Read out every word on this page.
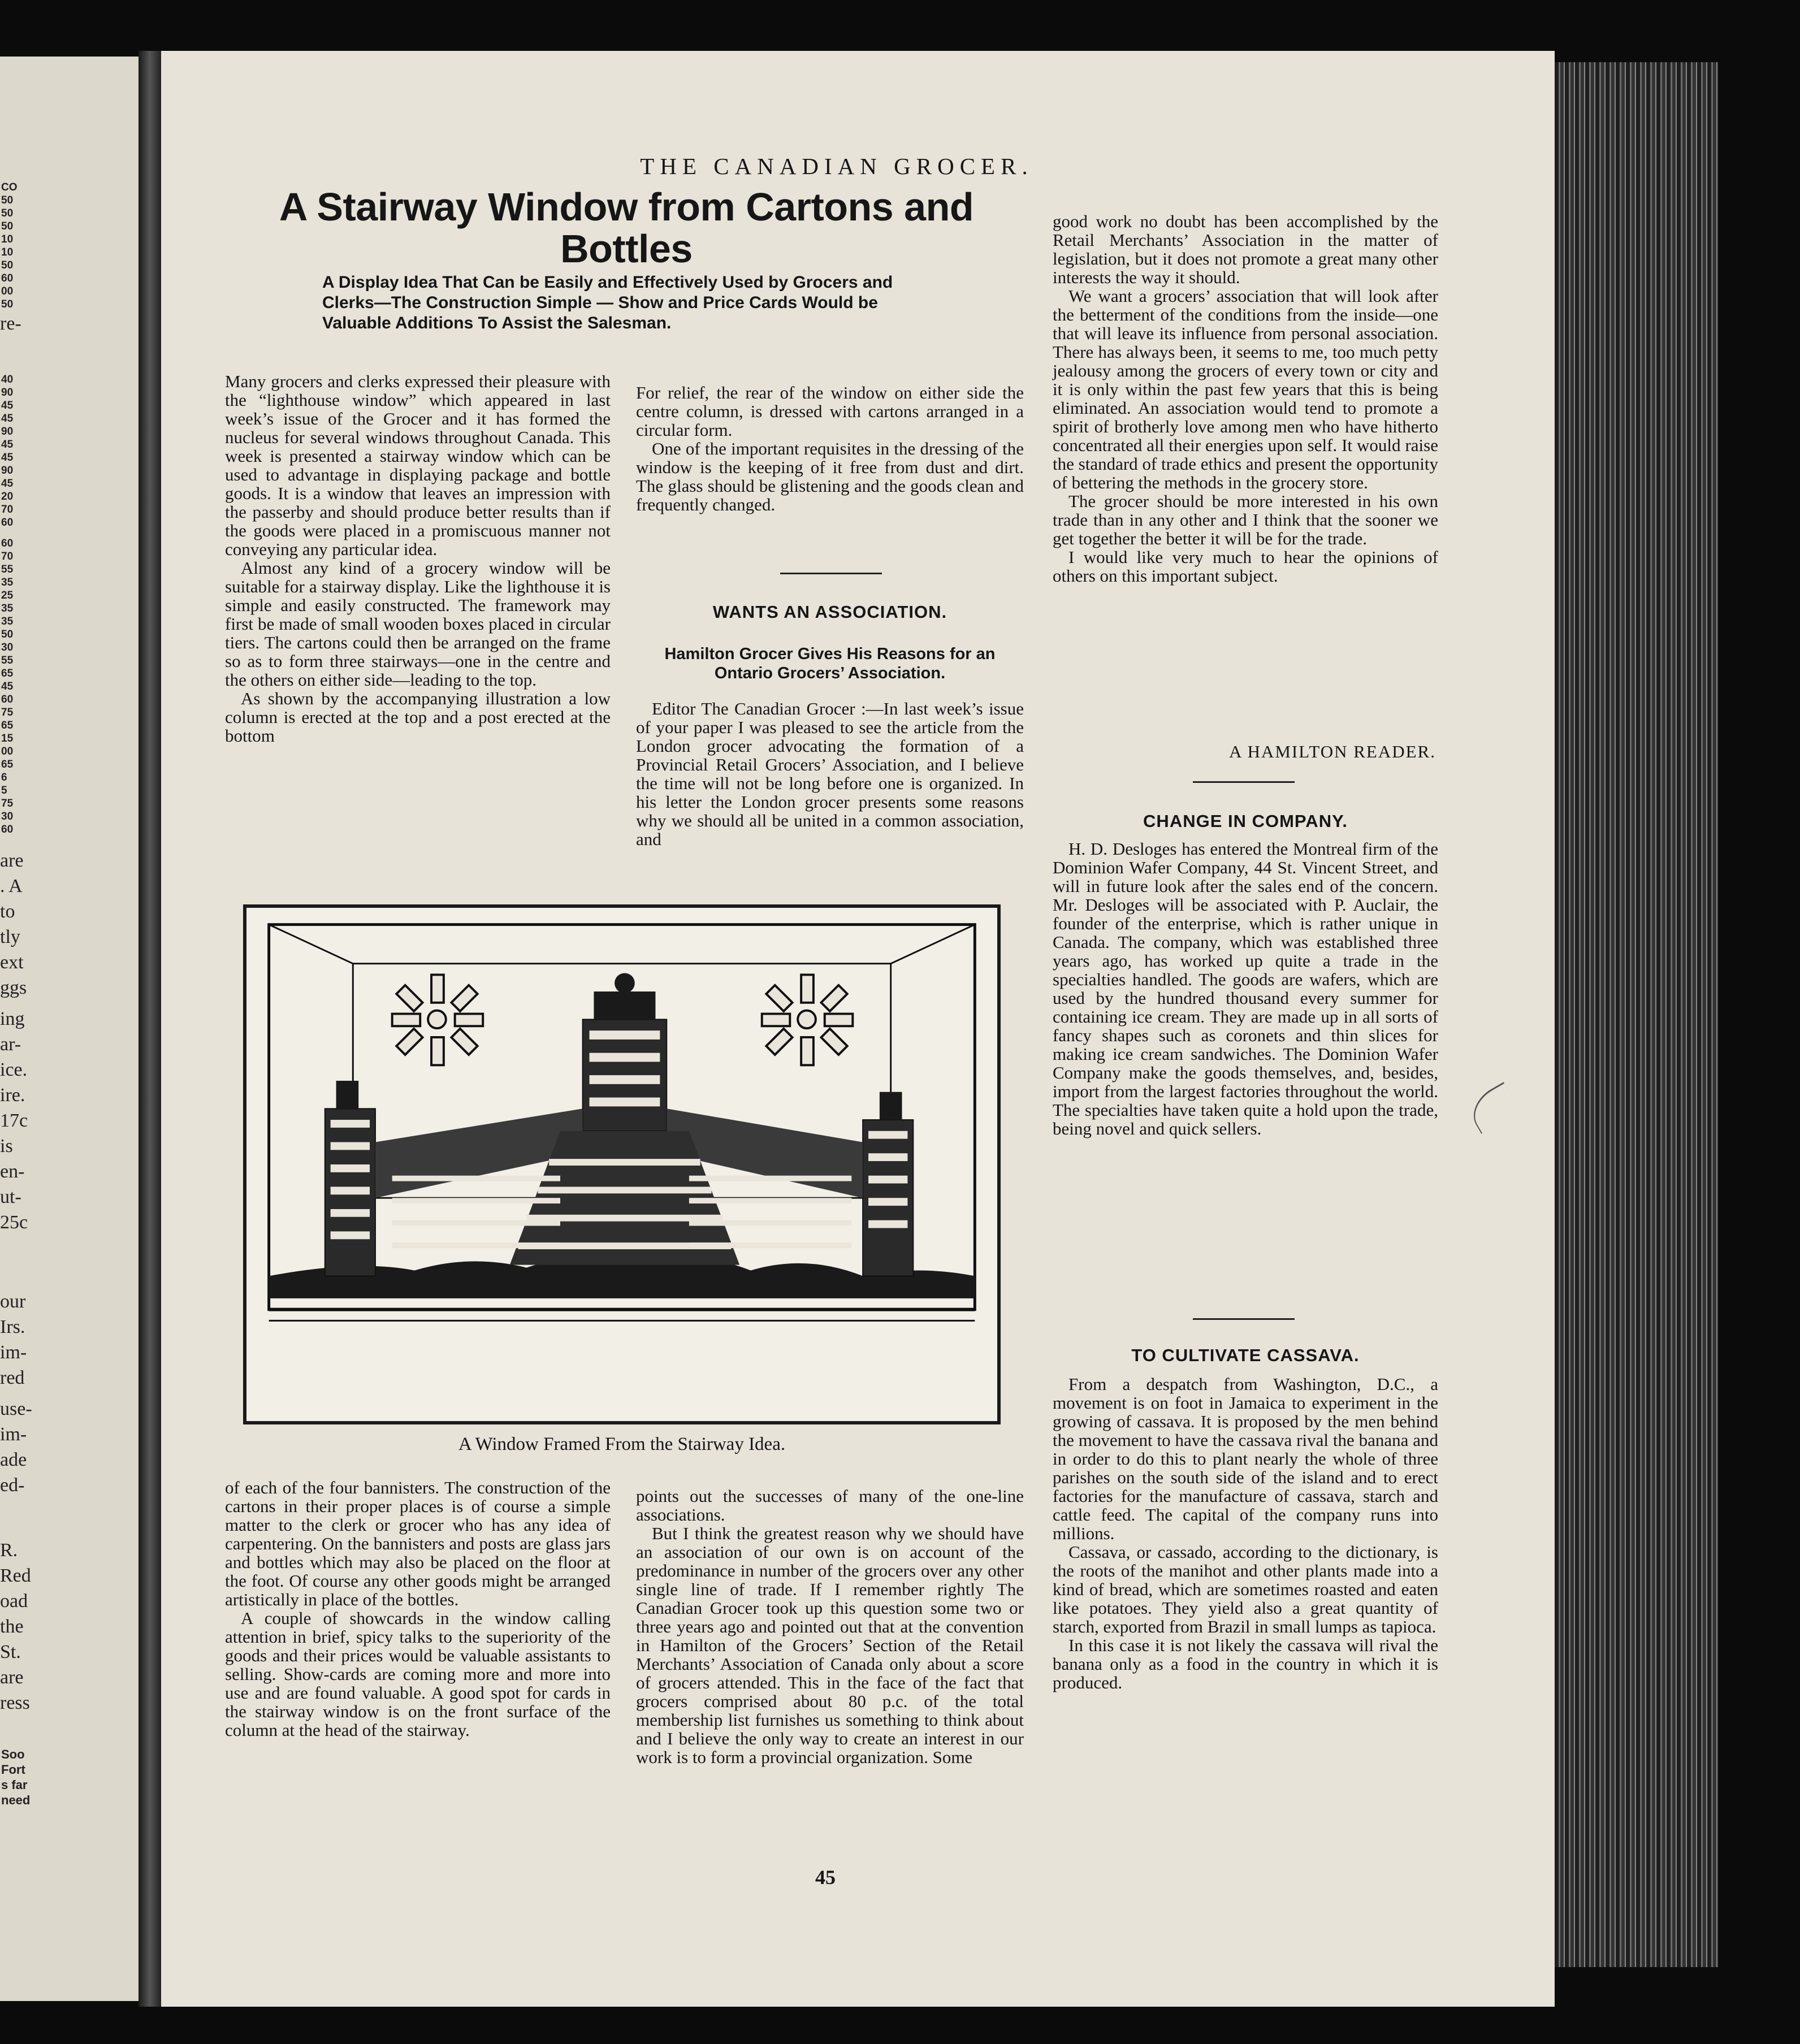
CO
50
50
50
10
10
50
60
00
50
re-
40
90
45
45
90
45
45
90
45
20
70
60
60
70
55
35
25
35
35
50
30
55
65
45
60
75
65
15
00
65
6
5
75
30
60
are
. A
to
tly
ext
ggs
ing
ar-
ice.
ire.
17c
is
en-
ut-
25c
our
Irs.
im-
red
use-
im-
ade
ed-
R.
Red
oad
the
St.
are
ress
Soo
Fort
s far
need
THE CANADIAN GROCER.
A Stairway Window from Cartons and Bottles
A Display Idea That Can be Easily and Effectively Used by Grocers and Clerks—The Construction Simple — Show and Price Cards Would be Valuable Additions To Assist the Salesman.

Many grocers and clerks expressed their pleasure with the “lighthouse window” which appeared in last week’s issue of the Grocer and it has formed the nucleus for several windows throughout Canada. This week is presented a stairway window which can be used to advantage in displaying package and bottle goods. It is a window that leaves an impression with the passerby and should produce better results than if the goods were placed in a promiscuous manner not conveying any particular idea.

Almost any kind of a grocery window will be suitable for a stairway display. Like the lighthouse it is simple and easily constructed. The framework may first be made of small wooden boxes placed in circular tiers. The cartons could then be arranged on the frame so as to form three stairways—one in the centre and the others on either side—leading to the top.

As shown by the accompanying illustration a low column is erected at the top and a post erected at the bottom

For relief, the rear of the window on either side the centre column, is dressed with cartons arranged in a circular form.

One of the important requisites in the dressing of the window is the keeping of it free from dust and dirt. The glass should be glistening and the goods clean and frequently changed.

WANTS AN ASSOCIATION.
Hamilton Grocer Gives His Reasons for an Ontario Grocers’ Association.

Editor The Canadian Grocer :—In last week’s issue of your paper I was pleased to see the article from the London grocer advocating the formation of a Provincial Retail Grocers’ Association, and I believe the time will not be long before one is organized. In his letter the London grocer presents some reasons why we should all be united in a common association, and

good work no doubt has been accomplished by the Retail Merchants’ Association in the matter of legislation, but it does not promote a great many other interests the way it should.

We want a grocers’ association that will look after the betterment of the conditions from the inside—one that will leave its influence from personal association. There has always been, it seems to me, too much petty jealousy among the grocers of every town or city and it is only within the past few years that this is being eliminated. An association would tend to promote a spirit of brotherly love among men who have hitherto concentrated all their energies upon self. It would raise the standard of trade ethics and present the opportunity of bettering the methods in the grocery store.

The grocer should be more interested in his own trade than in any other and I think that the sooner we get together the better it will be for the trade.

I would like very much to hear the opinions of others on this important subject.

A HAMILTON READER.
CHANGE IN COMPANY.

H. D. Desloges has entered the Montreal firm of the Dominion Wafer Company, 44 St. Vincent Street, and will in future look after the sales end of the concern. Mr. Desloges will be associated with P. Auclair, the founder of the enterprise, which is rather unique in Canada. The company, which was established three years ago, has worked up quite a trade in the specialties handled. The goods are wafers, which are used by the hundred thousand every summer for containing ice cream. They are made up in all sorts of fancy shapes such as coronets and thin slices for making ice cream sandwiches. The Dominion Wafer Company make the goods themselves, and, besides, import from the largest factories throughout the world. The specialties have taken quite a hold upon the trade, being novel and quick sellers.

TO CULTIVATE CASSAVA.

From a despatch from Washington, D.C., a movement is on foot in Jamaica to experiment in the growing of cassava. It is proposed by the men behind the movement to have the cassava rival the banana and in order to do this to plant nearly the whole of three parishes on the south side of the island and to erect factories for the manufacture of cassava, starch and cattle feed. The capital of the company runs into millions.

Cassava, or cassado, according to the dictionary, is the roots of the manihot and other plants made into a kind of bread, which are sometimes roasted and eaten like potatoes. They yield also a great quantity of starch, exported from Brazil in small lumps as tapioca.

In this case it is not likely the cassava will rival the banana only as a food in the country in which it is produced.

A Window Framed From the Stairway Idea.

of each of the four bannisters. The construction of the cartons in their proper places is of course a simple matter to the clerk or grocer who has any idea of carpentering. On the bannisters and posts are glass jars and bottles which may also be placed on the floor at the foot. Of course any other goods might be arranged artistically in place of the bottles.

A couple of showcards in the window calling attention in brief, spicy talks to the superiority of the goods and their prices would be valuable assistants to selling. Show-cards are coming more and more into use and are found valuable. A good spot for cards in the stairway window is on the front surface of the column at the head of the stairway.

points out the successes of many of the one-line associations.

But I think the greatest reason why we should have an association of our own is on account of the predominance in number of the grocers over any other single line of trade. If I remember rightly The Canadian Grocer took up this question some two or three years ago and pointed out that at the convention in Hamilton of the Grocers’ Section of the Retail Merchants’ Association of Canada only about a score of grocers attended. This in the face of the fact that grocers comprised about 80 p.c. of the total membership list furnishes us something to think about and I believe the only way to create an interest in our work is to form a provincial organization. Some

45
